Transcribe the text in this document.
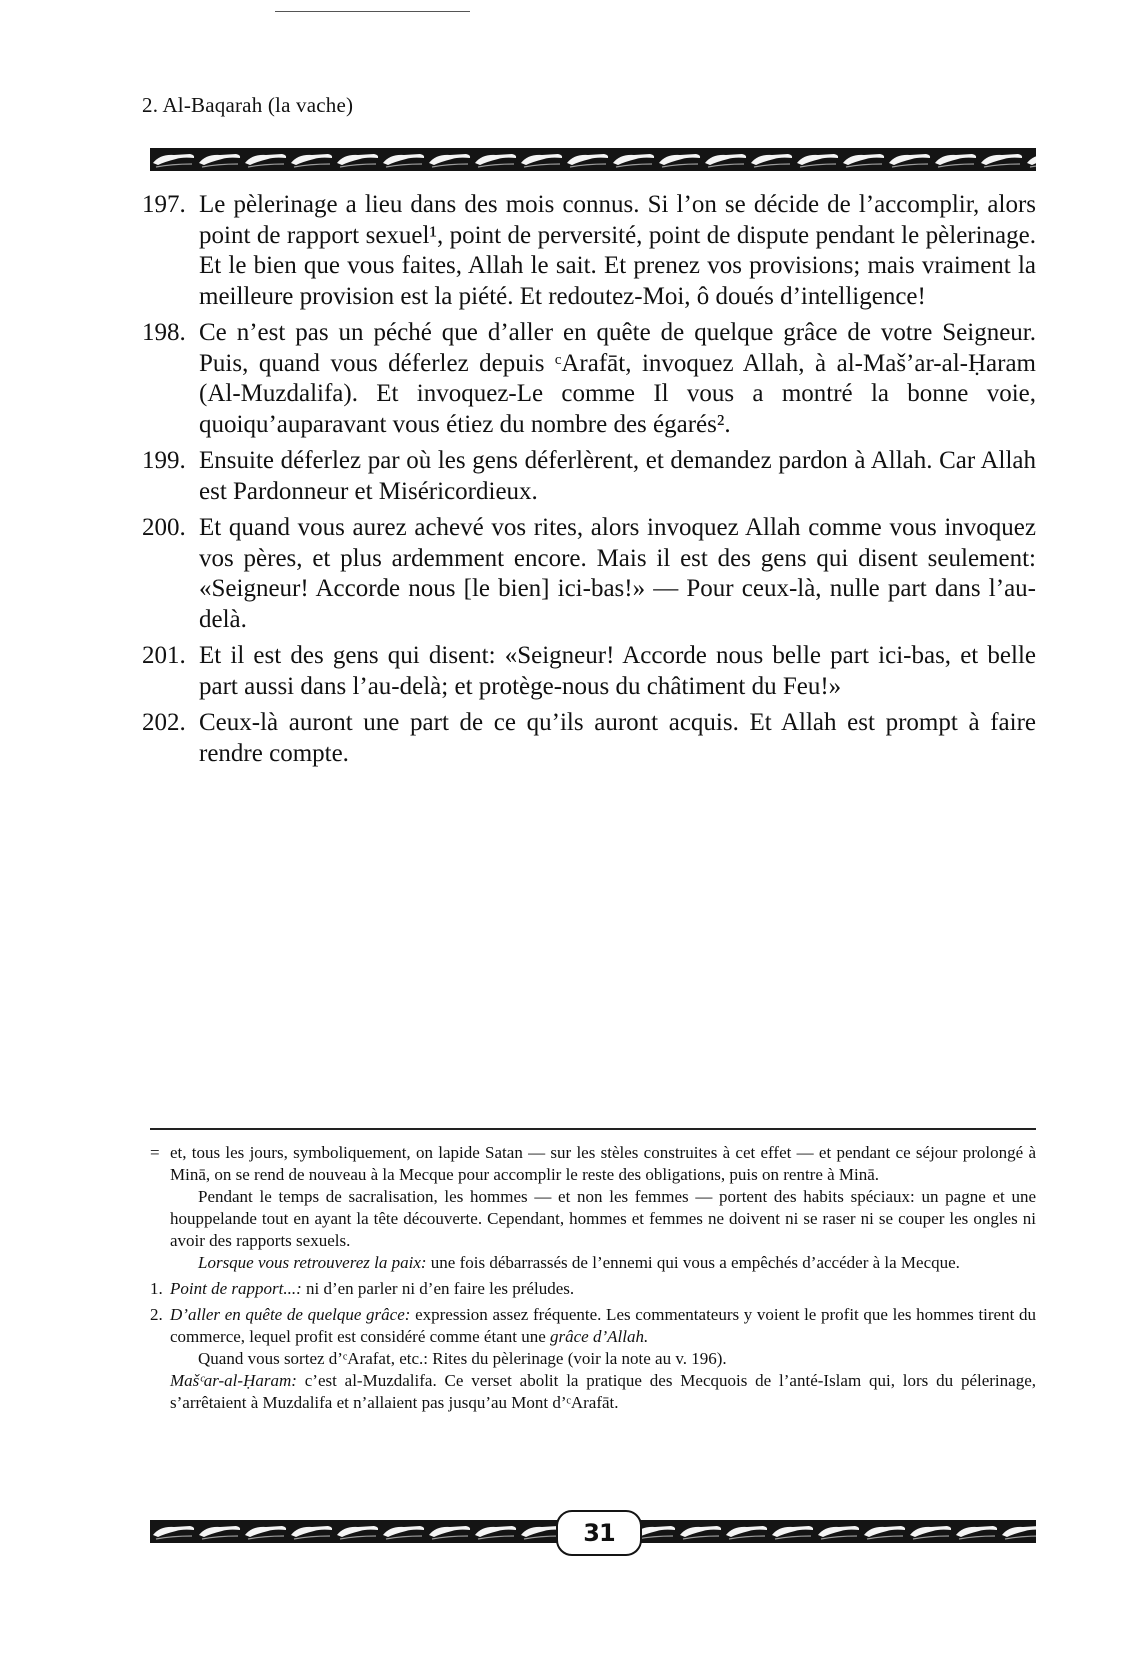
2. Al-Baqarah (la vache)
197. Le pèlerinage a lieu dans des mois connus. Si l’on se décide de l’accomplir, alors point de rapport sexuel¹, point de perversité, point de dispute pendant le pèlerinage. Et le bien que vous faites, Allah le sait. Et prenez vos provisions; mais vraiment la meilleure provision est la piété. Et redoutez-Moi, ô doués d’intelligence!
198. Ce n’est pas un péché que d’aller en quête de quelque grâce de votre Seigneur. Puis, quand vous déferlez depuis ᶜArafāt, invoquez Allah, à al-Maš’ar-al-Ḥaram (Al-Muzdalifa). Et invoquez-Le comme Il vous a montré la bonne voie, quoiqu’auparavant vous étiez du nombre des égarés².
199. Ensuite déferlez par où les gens déferlèrent, et demandez pardon à Allah. Car Allah est Pardonneur et Miséricordieux.
200. Et quand vous aurez achevé vos rites, alors invoquez Allah comme vous invoquez vos pères, et plus ardemment encore. Mais il est des gens qui disent seulement: «Seigneur! Accorde nous [le bien] ici-bas!» — Pour ceux-là, nulle part dans l’au-delà.
201. Et il est des gens qui disent: «Seigneur! Accorde nous belle part ici-bas, et belle part aussi dans l’au-delà; et protège-nous du châtiment du Feu!»
202. Ceux-là auront une part de ce qu’ils auront acquis. Et Allah est prompt à faire rendre compte.
= et, tous les jours, symboliquement, on lapide Satan — sur les stèles construites à cet effet — et pendant ce séjour prolongé à Minā, on se rend de nouveau à la Mecque pour accomplir le reste des obligations, puis on rentre à Minā.
Pendant le temps de sacralisation, les hommes — et non les femmes — portent des habits spéciaux: un pagne et une houppelande tout en ayant la tête découverte. Cependant, hommes et femmes ne doivent ni se raser ni se couper les ongles ni avoir des rapports sexuels.
Lorsque vous retrouverez la paix: une fois débarrassés de l’ennemi qui vous a empêchés d’accéder à la Mecque.
1. Point de rapport...: ni d’en parler ni d’en faire les préludes.
2. D’aller en quête de quelque grâce: expression assez fréquente. Les commentateurs y voient le profit que les hommes tirent du commerce, lequel profit est considéré comme étant une grâce d’Allah.
Quand vous sortez d’ᶜArafat, etc.: Rites du pèlerinage (voir la note au v. 196).
Mašᶜar-al-Ḥaram: c’est al-Muzdalifa. Ce verset abolit la pratique des Mecquois de l’anté-Islam qui, lors du pélerinage, s’arrêtaient à Muzdalifa et n’allaient pas jusqu’au Mont d’ᶜArafāt.
31
